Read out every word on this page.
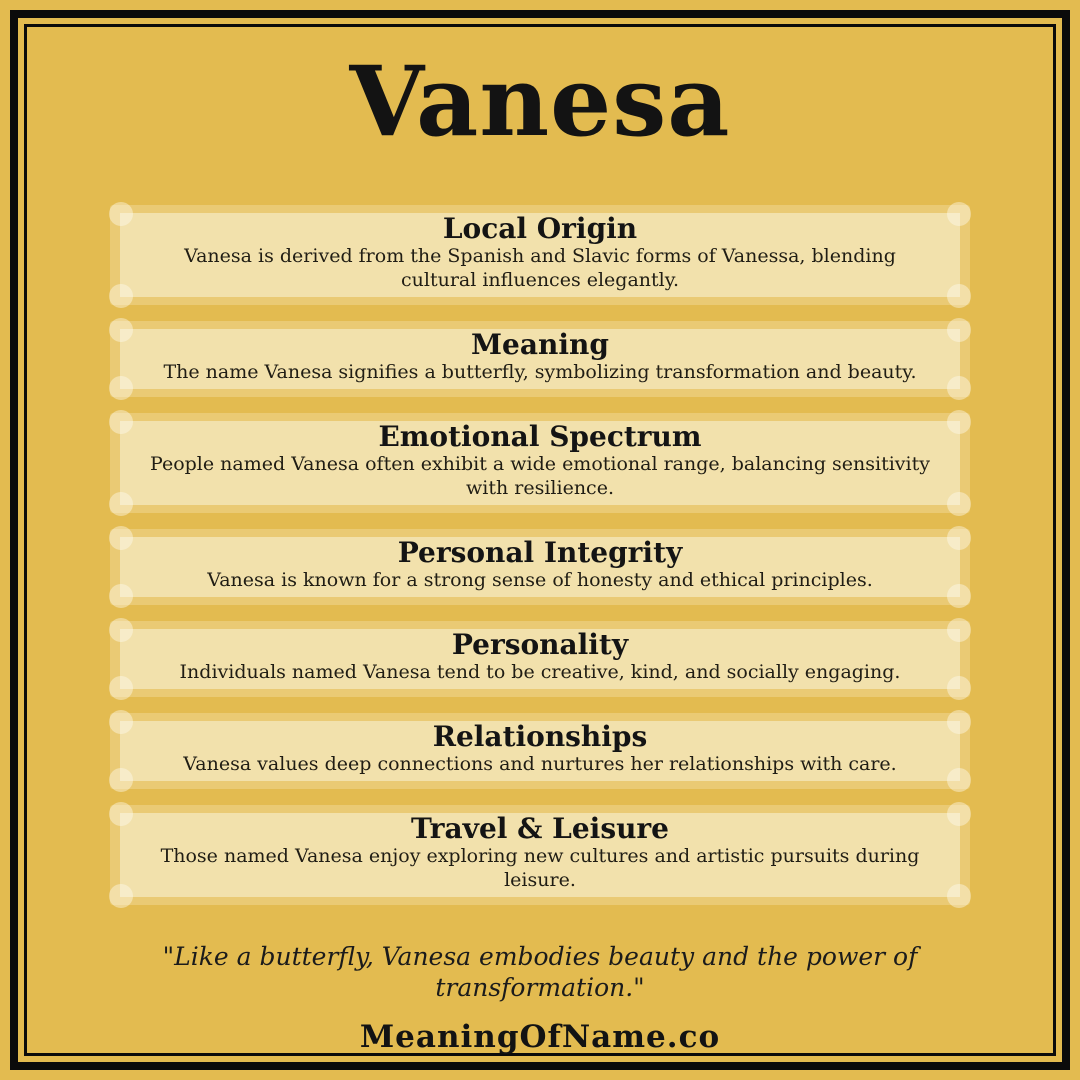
Vanesa
Local Origin

Vanesa is derived from the Spanish and Slavic forms of Vanessa, blending cultural influences elegantly.

Meaning

The name Vanesa signifies a butterfly, symbolizing transformation and beauty.

Emotional Spectrum

People named Vanesa often exhibit a wide emotional range, balancing sensitivity with resilience.

Personal Integrity

Vanesa is known for a strong sense of honesty and ethical principles.

Personality

Individuals named Vanesa tend to be creative, kind, and socially engaging.

Relationships

Vanesa values deep connections and nurtures her relationships with care.

Travel & Leisure

Those named Vanesa enjoy exploring new cultures and artistic pursuits during leisure.

"Like a butterfly, Vanesa embodies beauty and the power of transformation."

MeaningOfName.co
